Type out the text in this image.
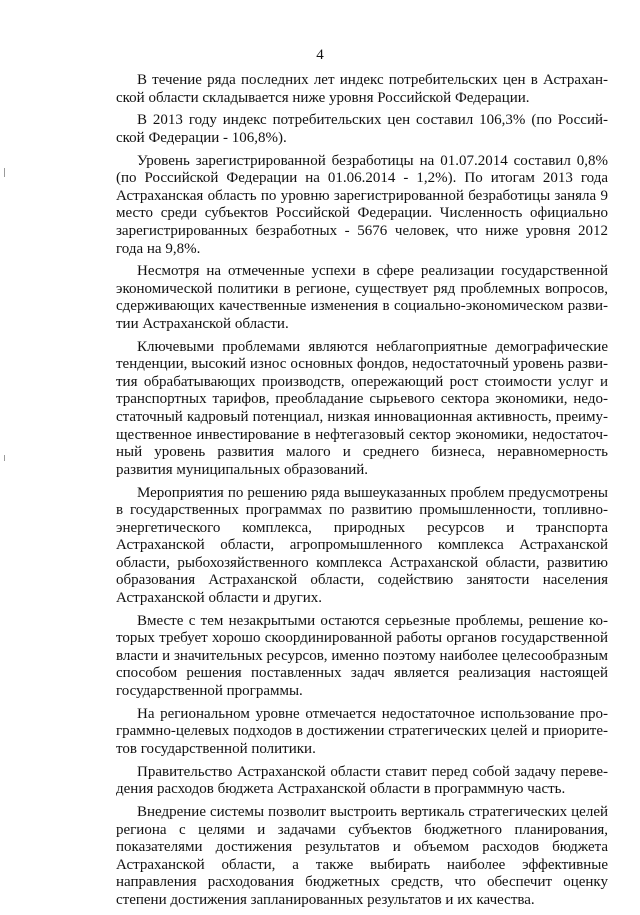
4

В течение ряда последних лет индекс потребительских цен в Астраханской области складывается ниже уровня Российской Федерации.

В 2013 году индекс потребительских цен составил 106,3% (по Российской Федерации - 106,8%).

Уровень зарегистрированной безработицы на 01.07.2014 составил 0,8% (по Российской Федерации на 01.06.2014 - 1,2%). По итогам 2013 года Астраханская область по уровню зарегистрированной безработицы заняла 9 место среди субъектов Российской Федерации. Численность официально зарегистрированных безработных - 5676 человек, что ниже уровня 2012 года на 9,8%.

Несмотря на отмеченные успехи в сфере реализации государственной экономической политики в регионе, существует ряд проблемных вопросов, сдерживающих качественные изменения в социально-экономическом развитии Астраханской области.

Ключевыми проблемами являются неблагоприятные демографические тенденции, высокий износ основных фондов, недостаточный уровень развития обрабатывающих производств, опережающий рост стоимости услуг и транспортных тарифов, преобладание сырьевого сектора экономики, недостаточный кадровый потенциал, низкая инновационная активность, преимущественное инвестирование в нефтегазовый сектор экономики, недостаточный уровень развития малого и среднего бизнеса, неравномерность развития муниципальных образований.

Мероприятия по решению ряда вышеуказанных проблем предусмотрены в государственных программах по развитию промышленности, топливно-энергетического комплекса, природных ресурсов и транспорта Астраханской области, агропромышленного комплекса Астраханской области, рыбохозяйственного комплекса Астраханской области, развитию образования Астраханской области, содействию занятости населения Астраханской области и других.

Вместе с тем незакрытыми остаются серьезные проблемы, решение которых требует хорошо скоординированной работы органов государственной власти и значительных ресурсов, именно поэтому наиболее целесообразным способом решения поставленных задач является реализация настоящей государственной программы.

На региональном уровне отмечается недостаточное использование программно-целевых подходов в достижении стратегических целей и приоритетов государственной политики.

Правительство Астраханской области ставит перед собой задачу переведения расходов бюджета Астраханской области в программную часть.

Внедрение системы позволит выстроить вертикаль стратегических целей региона с целями и задачами субъектов бюджетного планирования, показателями достижения результатов и объемом расходов бюджета Астраханской области, а также выбирать наиболее эффективные направления расходования бюджетных средств, что обеспечит оценку степени достижения заплaнированных результатов и их качества.
